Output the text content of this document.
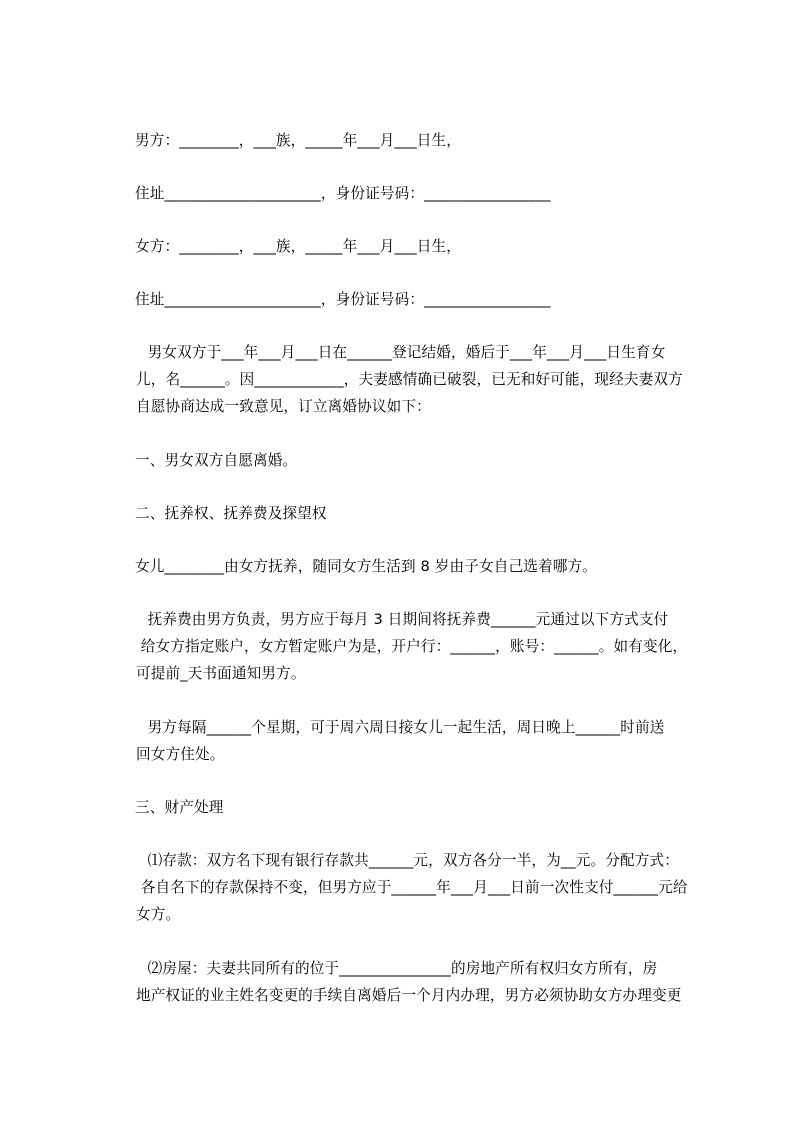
男方：________，___族，_____年___月___日生，
住址_____________________，身份证号码：_________________
女方：________，___族，_____年___月___日生，
住址_____________________，身份证号码：_________________
男女双方于___年___月___日在______登记结婚，婚后于___年___月___日生育女
儿，名______。因____________，夫妻感情确已破裂，已无和好可能，现经夫妻双方
自愿协商达成一致意见，订立离婚协议如下：
一、男女双方自愿离婚。
二、抚养权、抚养费及探望权
女儿________由女方抚养，随同女方生活到 8 岁由子女自己选着哪方。
抚养费由男方负责，男方应于每月 3 日期间将抚养费______元通过以下方式支付
给女方指定账户，女方暂定账户为是，开户行：______，账号：______。如有变化，
可提前_天书面通知男方。
男方每隔______个星期，可于周六周日接女儿一起生活，周日晚上______时前送
回女方住处。
三、财产处理
⑴存款：双方名下现有银行存款共______元，双方各分一半，为__元。分配方式：
各自名下的存款保持不变，但男方应于______年___月___日前一次性支付______元给
女方。
⑵房屋：夫妻共同所有的位于_______________的房地产所有权归女方所有，房
地产权证的业主姓名变更的手续自离婚后一个月内办理，男方必须协助女方办理变更
